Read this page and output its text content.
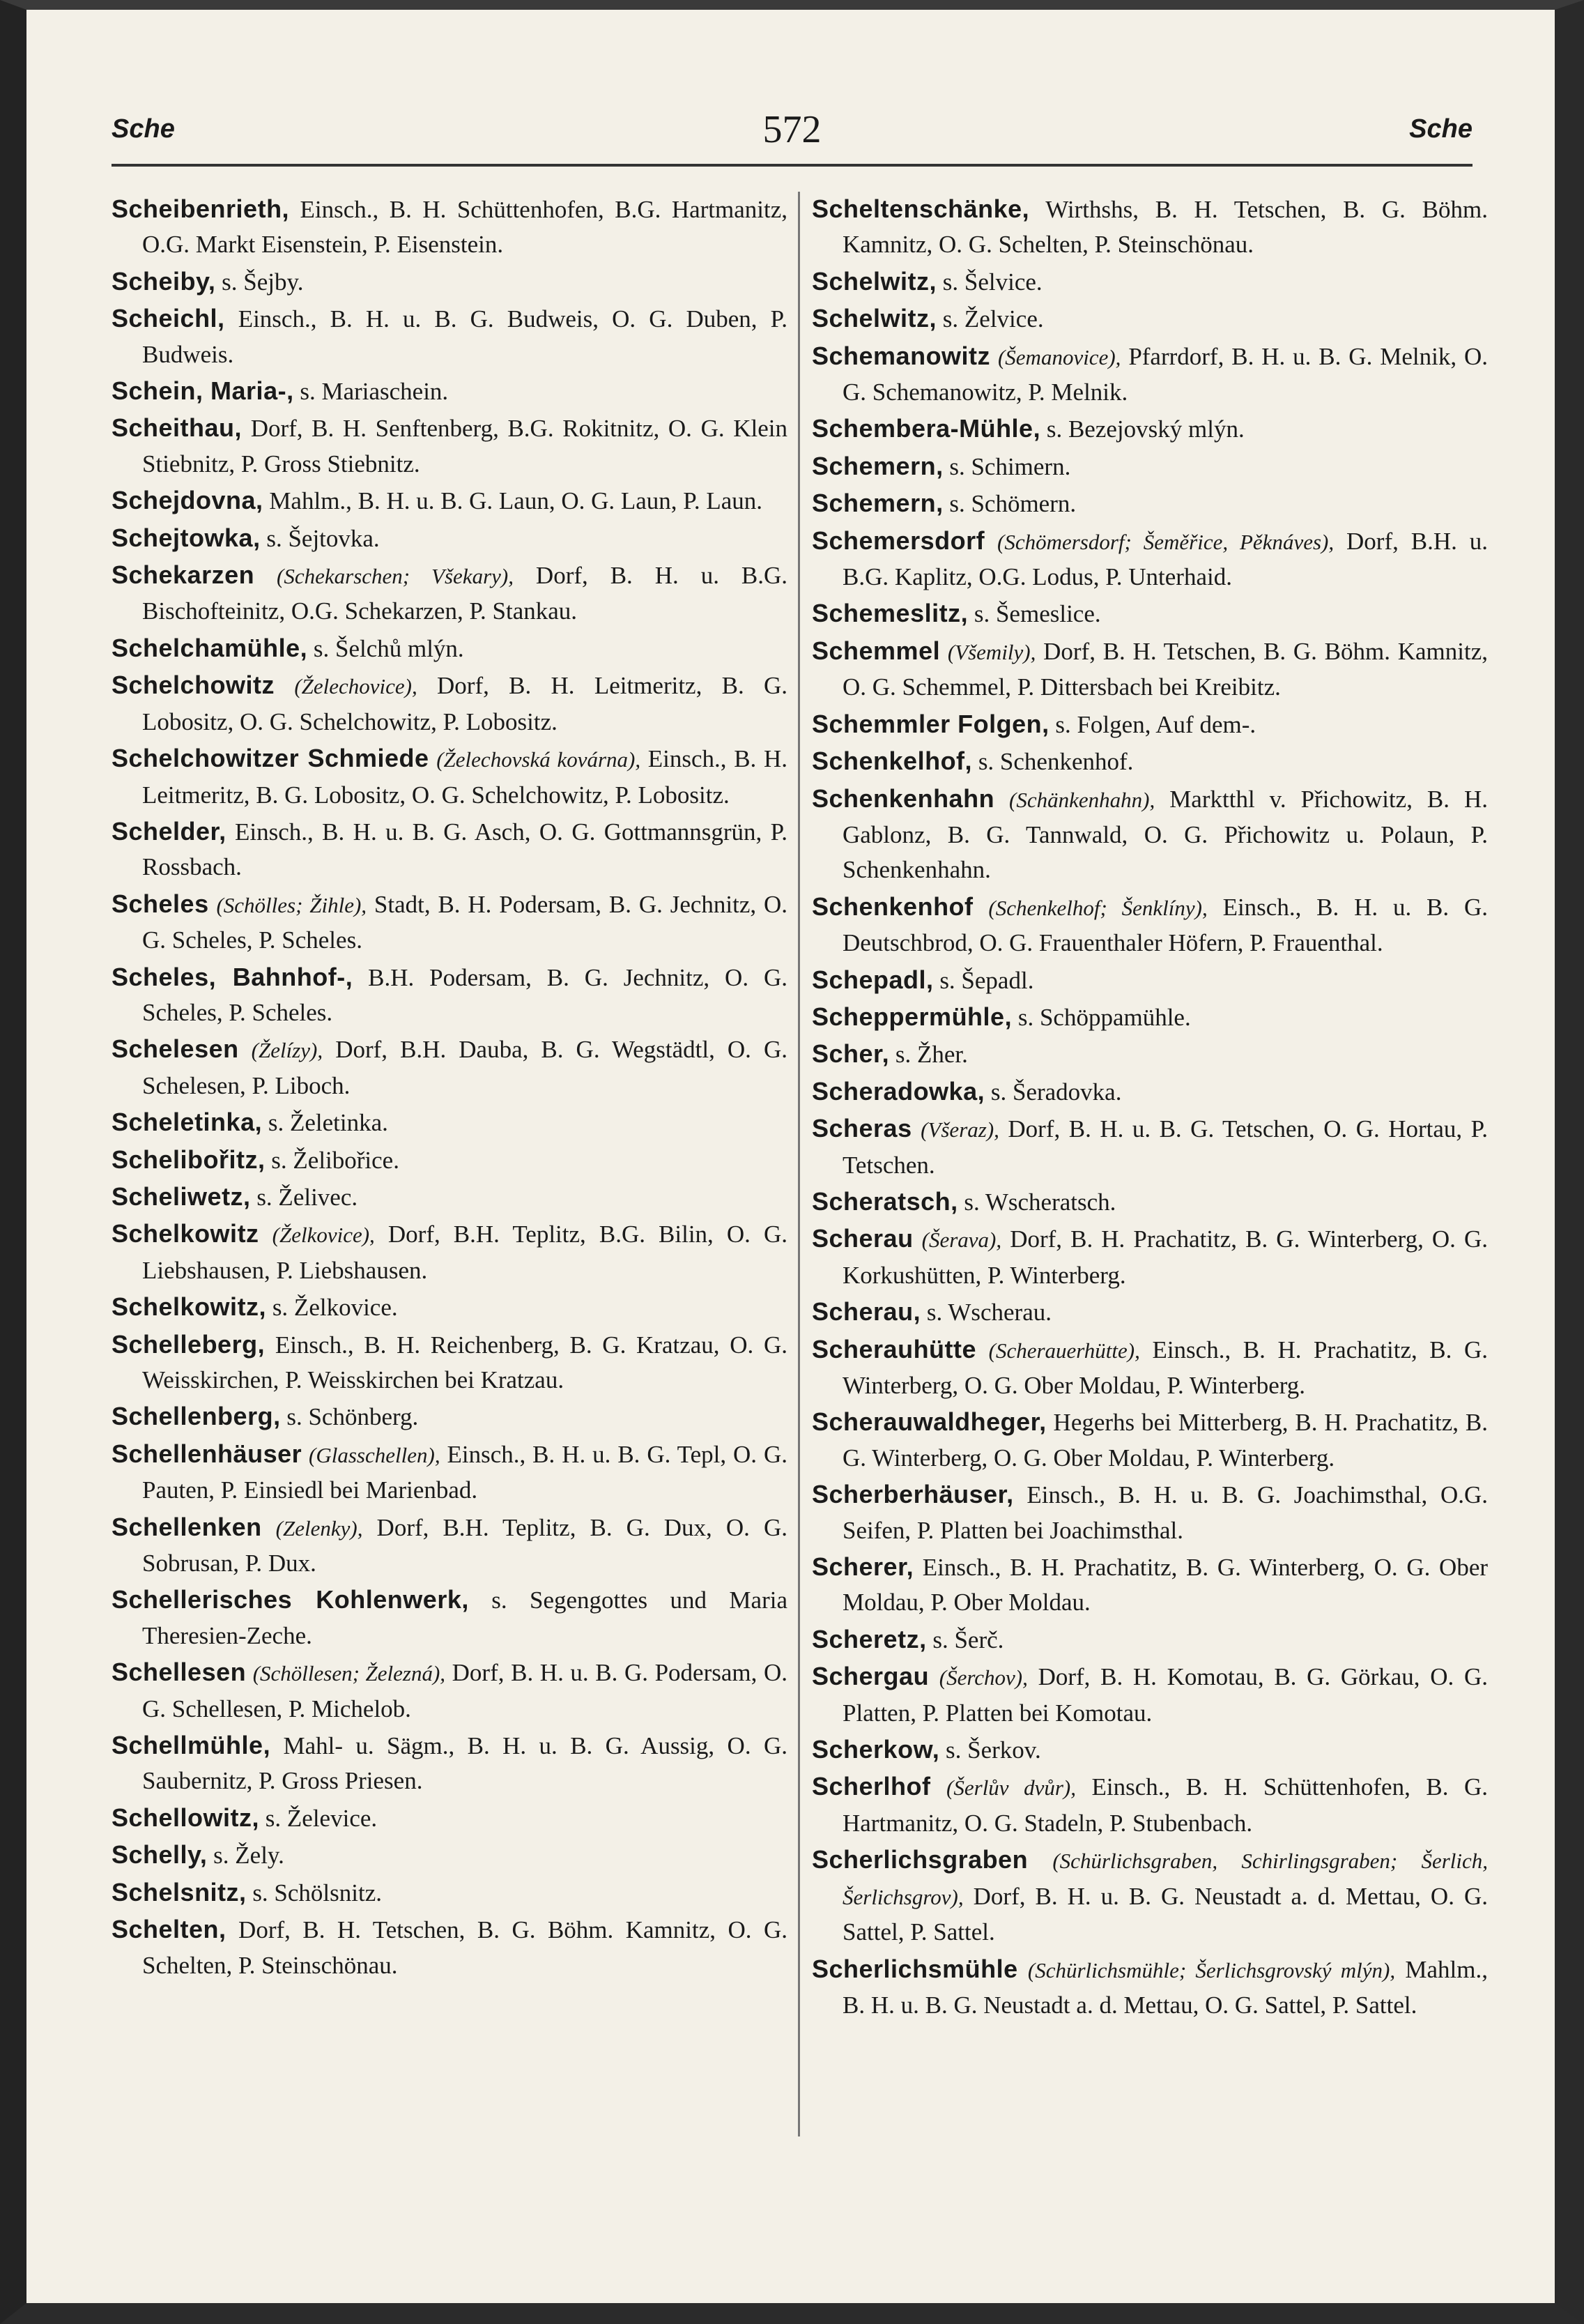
Sche	572	Sche

Scheibenrieth, Einsch., B. H. Schüttenhofen, B.G. Hartmanitz, O.G. Markt Eisenstein, P. Eisenstein.

Scheiby, s. Šejby.

Scheichl, Einsch., B. H. u. B. G. Budweis, O. G. Duben, P. Budweis.

Schein, Maria-, s. Mariaschein.

Scheithau, Dorf, B. H. Senftenberg, B.G. Rokitnitz, O. G. Klein Stiebnitz, P. Gross Stiebnitz.

Schejdovna, Mahlm., B. H. u. B. G. Laun, O. G. Laun, P. Laun.

Schejtowka, s. Šejtovka.

Schekarzen (Schekarschen; Všekary), Dorf, B. H. u. B.G. Bischofteinitz, O.G. Schekarzen, P. Stankau.

Schelchamühle, s. Šelchů mlýn.

Schelchowitz (Želechovice), Dorf, B. H. Leitmeritz, B. G. Lobositz, O. G. Schelchowitz, P. Lobositz.

Schelchowitzer Schmiede (Želechovská kovárna), Einsch., B. H. Leitmeritz, B. G. Lobositz, O. G. Schelchowitz, P. Lobositz.

Schelder, Einsch., B. H. u. B. G. Asch, O. G. Gottmannsgrün, P. Rossbach.

Scheles (Schölles; Žihle), Stadt, B. H. Podersam, B. G. Jechnitz, O. G. Scheles, P. Scheles.

Scheles, Bahnhof-, B.H. Podersam, B. G. Jechnitz, O. G. Scheles, P. Scheles.

Schelesen (Želízy), Dorf, B.H. Dauba, B. G. Wegstädtl, O. G. Schelesen, P. Liboch.

Scheletinka, s. Želetinka.

Schelibořitz, s. Želibořice.

Scheliwetz, s. Želivec.

Schelkowitz (Želkovice), Dorf, B.H. Teplitz, B.G. Bilin, O. G. Liebshausen, P. Liebshausen.

Schelkowitz, s. Želkovice.

Schelleberg, Einsch., B. H. Reichenberg, B. G. Kratzau, O. G. Weisskirchen, P. Weisskirchen bei Kratzau.

Schellenberg, s. Schönberg.

Schellenhäuser (Glasschellen), Einsch., B. H. u. B. G. Tepl, O. G. Pauten, P. Einsiedl bei Marienbad.

Schellenken (Zelenky), Dorf, B.H. Teplitz, B. G. Dux, O. G. Sobrusan, P. Dux.

Schellerisches Kohlenwerk, s. Segengottes und Maria Theresien-Zeche.

Schellesen (Schöllesen; Železná), Dorf, B. H. u. B. G. Podersam, O. G. Schellesen, P. Michelob.

Schellmühle, Mahl- u. Sägm., B. H. u. B. G. Aussig, O. G. Saubernitz, P. Gross Priesen.

Schellowitz, s. Želevice.

Schelly, s. Žely.

Schelsnitz, s. Schölsnitz.

Schelten, Dorf, B. H. Tetschen, B. G. Böhm. Kamnitz, O. G. Schelten, P. Steinschönau.

Scheltenschänke, Wirthshs, B. H. Tetschen, B. G. Böhm. Kamnitz, O. G. Schelten, P. Steinschönau.

Schelwitz, s. Šelvice.

Schelwitz, s. Želvice.

Schemanowitz (Šemanovice), Pfarrdorf, B. H. u. B. G. Melnik, O. G. Schemanowitz, P. Melnik.

Schembera-Mühle, s. Bezejovský mlýn.

Schemern, s. Schimern.

Schemern, s. Schömern.

Schemersdorf (Schömersdorf; Šeměřice, Pěknáves), Dorf, B.H. u. B.G. Kaplitz, O.G. Lodus, P. Unterhaid.

Schemeslitz, s. Šemeslice.

Schemmel (Všemily), Dorf, B. H. Tetschen, B. G. Böhm. Kamnitz, O. G. Schemmel, P. Dittersbach bei Kreibitz.

Schemmler Folgen, s. Folgen, Auf dem-.

Schenkelhof, s. Schenkenhof.

Schenkenhahn (Schänkenhahn), Marktthl v. Přichowitz, B. H. Gablonz, B. G. Tannwald, O. G. Přichowitz u. Polaun, P. Schenkenhahn.

Schenkenhof (Schenkelhof; Šenklíny), Einsch., B. H. u. B. G. Deutschbrod, O. G. Frauenthaler Höfern, P. Frauenthal.

Schepadl, s. Šepadl.

Scheppermühle, s. Schöppamühle.

Scher, s. Žher.

Scheradowka, s. Šeradovka.

Scheras (Všeraz), Dorf, B. H. u. B. G. Tetschen, O. G. Hortau, P. Tetschen.

Scheratsch, s. Wscheratsch.

Scherau (Šerava), Dorf, B. H. Prachatitz, B. G. Winterberg, O. G. Korkushütten, P. Winterberg.

Scherau, s. Wscherau.

Scherauhütte (Scherauerhütte), Einsch., B. H. Prachatitz, B. G. Winterberg, O. G. Ober Moldau, P. Winterberg.

Scherauwaldheger, Hegerhs bei Mitterberg, B. H. Prachatitz, B. G. Winterberg, O. G. Ober Moldau, P. Winterberg.

Scherberhäuser, Einsch., B. H. u. B. G. Joachimsthal, O.G. Seifen, P. Platten bei Joachimsthal.

Scherer, Einsch., B. H. Prachatitz, B. G. Winterberg, O. G. Ober Moldau, P. Ober Moldau.

Scheretz, s. Šerč.

Schergau (Šerchov), Dorf, B. H. Komotau, B. G. Görkau, O. G. Platten, P. Platten bei Komotau.

Scherkow, s. Šerkov.

Scherlhof (Šerlův dvůr), Einsch., B. H. Schüttenhofen, B. G. Hartmanitz, O. G. Stadeln, P. Stubenbach.

Scherlichsgraben (Schürlichsgraben, Schirlingsgraben; Šerlich, Šerlichsgrov), Dorf, B. H. u. B. G. Neustadt a. d. Mettau, O. G. Sattel, P. Sattel.

Scherlichsmühle (Schürlichsmühle; Šerlichsgrovský mlýn), Mahlm., B. H. u. B. G. Neustadt a. d. Mettau, O. G. Sattel, P. Sattel.
